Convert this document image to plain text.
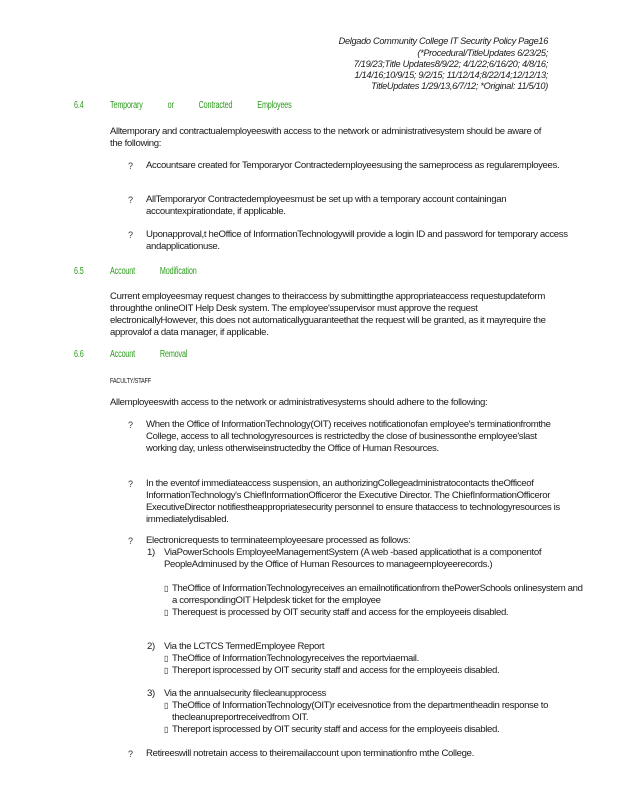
Delgado Community College IT Security Policy Page16
(*Procedural/TitleUpdates 6/23/25;
7/19/23;Title Updates8/9/22; 4/1/22;6/16/20; 4/8/16;
1/14/16;10/9/15; 9/2/15; 11/12/14;8/22/14;12/12/13;
TitleUpdates 1/29/13,6/7/12; *Original: 11/5/10)
6.4	Temporary or Contracted Employees
Alltemporary and contractualemployeeswith access to the network or administrativesystem should be aware of the following:
? Accountsare created for Temporaryor Contractedemployeesusing the sameprocess as regularemployees.
? AllTemporaryor Contractedemployeesmust be set up with a temporary account containingan accountexpirationdate, if applicable.
? Uponapproval,t heOffice of InformationTechnologywill provide a login ID and password for temporary access andapplicationuse.
6.5	Account Modification
Current employeesmay request changes to theiraccess by submittingthe appropriateaccess requestupdateform throughthe onlineOIT Help Desk system. The employee'ssupervisor must approve the request electronicallyHowever, this does not automaticallyguaranteethat the request will be granted, as it mayrequire the approvalof a data manager, if applicable.
6.6	Account Removal
FACULTY/STAFF
Allemployeeswith access to the network or administrativesystems should adhere to the following:
? When the Office of InformationTechnology(OIT) receives notificationofan employee's terminationfromthe College, access to all technologyresources is restrictedby the close of businessonthe employee'slast working day, unless otherwiseinstructedby the Office of Human Resources.
? In the eventof immediateaccess suspension, an authorizingCollegeadministratocontacts theOfficeof InformationTechnology's ChiefInformationOfficeror the Executive Director. The ChiefInformationOfficeror ExecutiveDirector notifiestheappropriatesecurity personnel to ensure thataccess to technologyresources is immediatelydisabled.
? Electronicrequests to terminateemployeesare processed as follows:
1) ViaPowerSchools EmployeeManagementSystem (A web -based applicatiothat is a componentof PeopleAdminused by the Office of Human Resources to manageemployeerecords.)
▯ TheOffice of InformationTechnologyreceives an emailnotificationfrom thePowerSchools onlinesystem and a correspondingOIT Helpdesk ticket for the employee
▯ Therequest is processed by OIT security staff and access for the employeeis disabled.
2) Via the LCTCS TermedEmployee Report
▯ TheOffice of InformationTechnologyreceives the reportviaemail.
▯ Thereport isprocessed by OIT security staff and access for the employeeis disabled.
3) Via the annualsecurity filecleanupprocess
▯ TheOffice of InformationTechnology(OIT)r eceivesnotice from the departmentheadin response to thecleanupreportreceivedfrom OIT.
▯ Thereport isprocessed by OIT security staff and access for the employeeis disabled.
? Retireeswill notretain access to theiremailaccount upon terminationfro mthe College.
